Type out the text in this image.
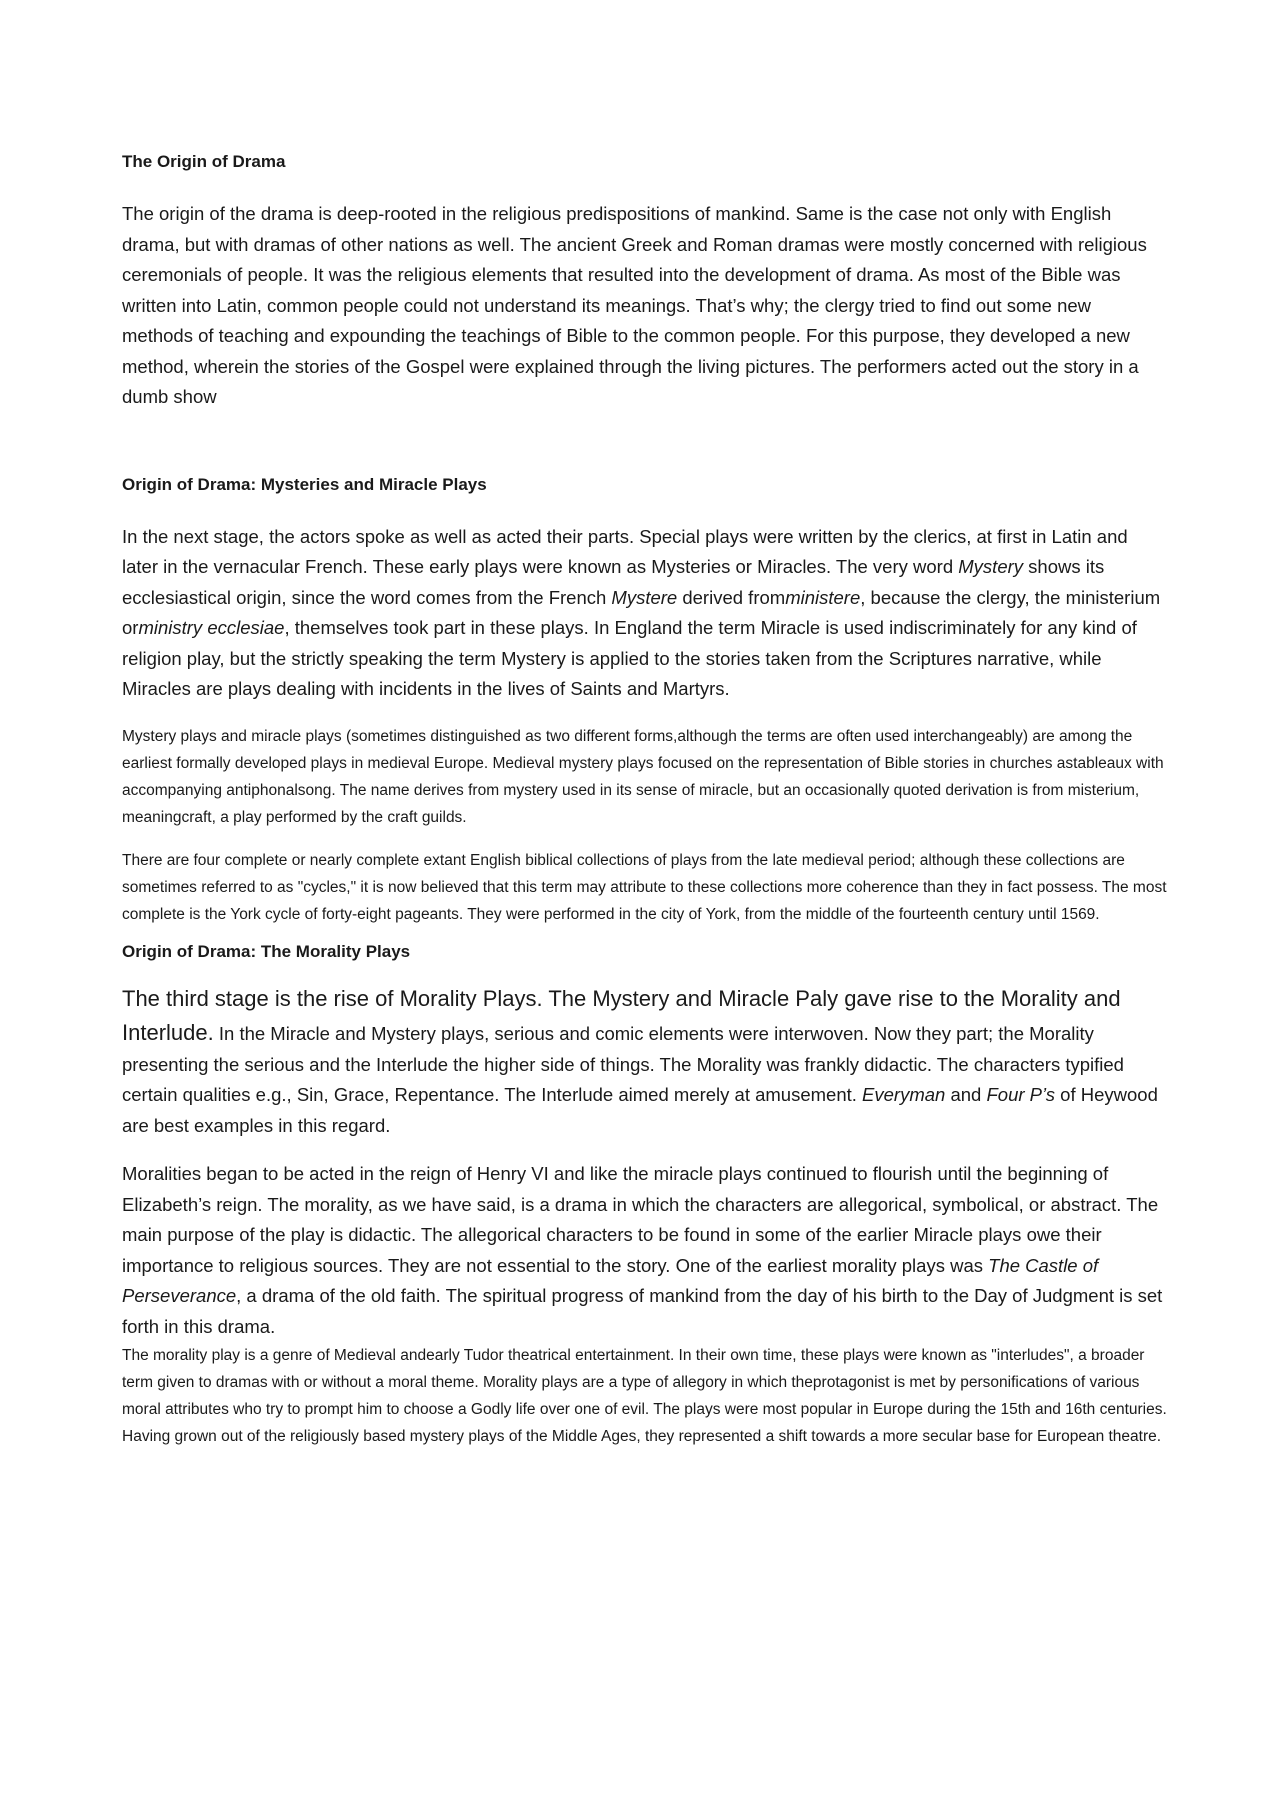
The Origin of Drama

The origin of the drama is deep-rooted in the religious predispositions of mankind. Same is the case not only with English drama, but with dramas of other nations as well. The ancient Greek and Roman dramas were mostly concerned with religious ceremonials of people. It was the religious elements that resulted into the development of drama. As most of the Bible was written into Latin, common people could not understand its meanings. That’s why; the clergy tried to find out some new methods of teaching and expounding the teachings of Bible to the common people. For this purpose, they developed a new method, wherein the stories of the Gospel were explained through the living pictures. The performers acted out the story in a dumb show

Origin of Drama: Mysteries and Miracle Plays

In the next stage, the actors spoke as well as acted their parts. Special plays were written by the clerics, at first in Latin and later in the vernacular French. These early plays were known as Mysteries or Miracles. The very word Mystery shows its ecclesiastical origin, since the word comes from the French Mystere derived fromministere, because the clergy, the ministerium orministry ecclesiae, themselves took part in these plays. In England the term Miracle is used indiscriminately for any kind of religion play, but the strictly speaking the term Mystery is applied to the stories taken from the Scriptures narrative, while Miracles are plays dealing with incidents in the lives of Saints and Martyrs.

Mystery plays and miracle plays (sometimes distinguished as two different forms,although the terms are often used interchangeably) are among the earliest formally developed plays in medieval Europe. Medieval mystery plays focused on the representation of Bible stories in churches astableaux with accompanying antiphonalsong. The name derives from mystery used in its sense of miracle, but an occasionally quoted derivation is from misterium, meaningcraft, a play performed by the craft guilds.

There are four complete or nearly complete extant English biblical collections of plays from the late medieval period; although these collections are sometimes referred to as "cycles," it is now believed that this term may attribute to these collections more coherence than they in fact possess. The most complete is the York cycle of forty-eight pageants. They were performed in the city of York, from the middle of the fourteenth century until 1569.

Origin of Drama: The Morality Plays

The third stage is the rise of Morality Plays. The Mystery and Miracle Paly gave rise to the Morality and Interlude. In the Miracle and Mystery plays, serious and comic elements were interwoven. Now they part; the Morality presenting the serious and the Interlude the higher side of things. The Morality was frankly didactic. The characters typified certain qualities e.g., Sin, Grace, Repentance. The Interlude aimed merely at amusement. Everyman and Four P’s of Heywood are best examples in this regard.

Moralities began to be acted in the reign of Henry VI and like the miracle plays continued to flourish until the beginning of Elizabeth’s reign. The morality, as we have said, is a drama in which the characters are allegorical, symbolical, or abstract. The main purpose of the play is didactic. The allegorical characters to be found in some of the earlier Miracle plays owe their importance to religious sources. They are not essential to the story. One of the earliest morality plays was The Castle of Perseverance, a drama of the old faith. The spiritual progress of mankind from the day of his birth to the Day of Judgment is set forth in this drama.

The morality play is a genre of Medieval andearly Tudor theatrical entertainment. In their own time, these plays were known as "interludes", a broader term given to dramas with or without a moral theme. Morality plays are a type of allegory in which theprotagonist is met by personifications of various moral attributes who try to prompt him to choose a Godly life over one of evil. The plays were most popular in Europe during the 15th and 16th centuries. Having grown out of the religiously based mystery plays of the Middle Ages, they represented a shift towards a more secular base for European theatre.
